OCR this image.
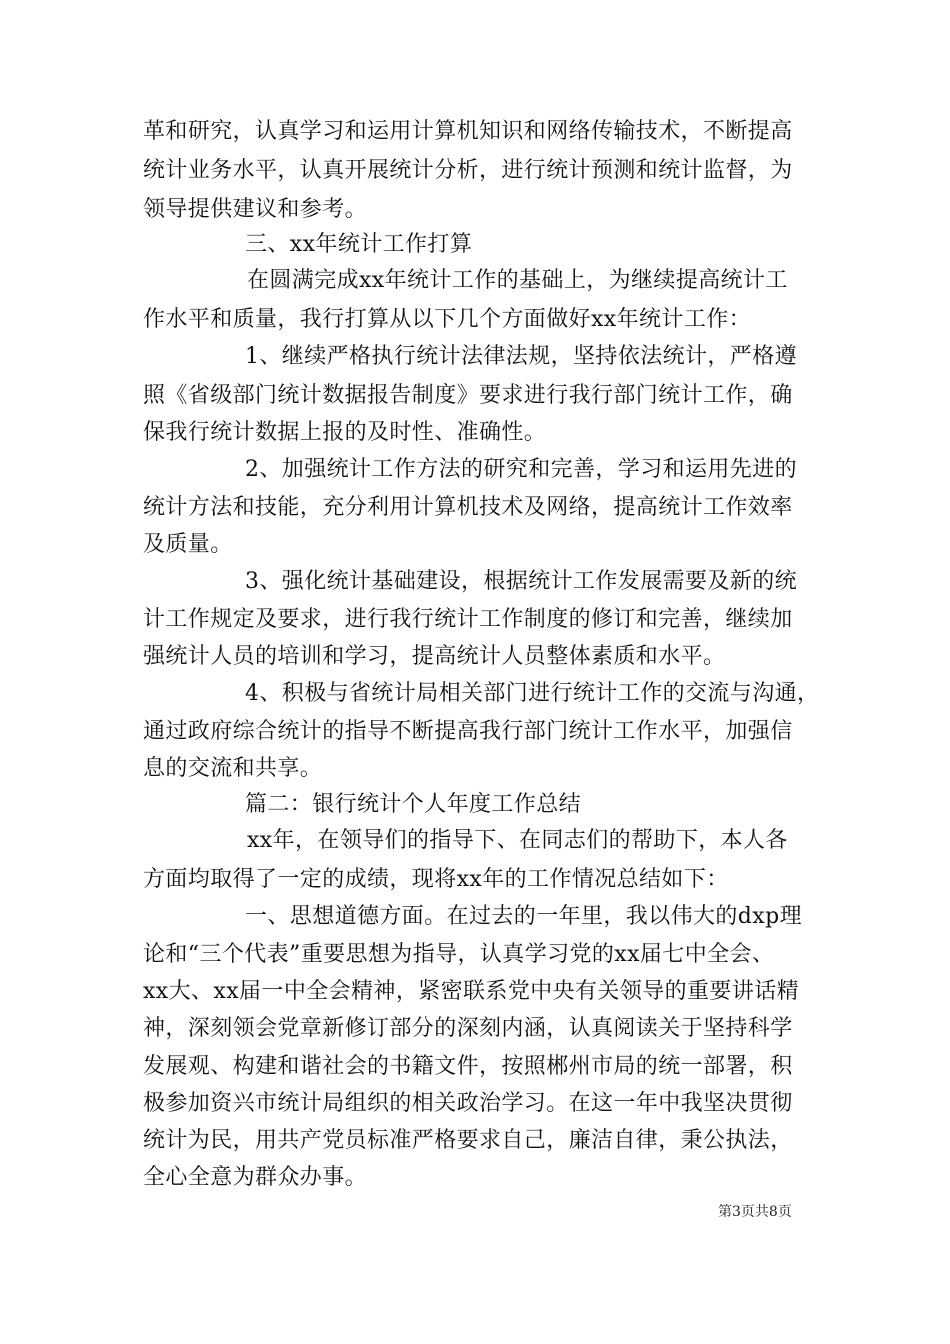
革和研究，认真学习和运用计算机知识和网络传输技术，不断提高
统计业务水平，认真开展统计分析，进行统计预测和统计监督，为
领导提供建议和参考。
三、xx年统计工作打算
在圆满完成xx年统计工作的基础上，为继续提高统计工
作水平和质量，我行打算从以下几个方面做好xx年统计工作：
1、继续严格执行统计法律法规，坚持依法统计，严格遵
照《省级部门统计数据报告制度》要求进行我行部门统计工作，确
保我行统计数据上报的及时性、准确性。
2、加强统计工作方法的研究和完善，学习和运用先进的
统计方法和技能，充分利用计算机技术及网络，提高统计工作效率
及质量。
3、强化统计基础建设，根据统计工作发展需要及新的统
计工作规定及要求，进行我行统计工作制度的修订和完善，继续加
强统计人员的培训和学习，提高统计人员整体素质和水平。
4、积极与省统计局相关部门进行统计工作的交流与沟通，
通过政府综合统计的指导不断提高我行部门统计工作水平，加强信
息的交流和共享。
篇二：银行统计个人年度工作总结
xx年，在领导们的指导下、在同志们的帮助下，本人各
方面均取得了一定的成绩，现将xx年的工作情况总结如下：
一、思想道德方面。在过去的一年里，我以伟大的dxp理
论和“三个代表”重要思想为指导，认真学习党的xx届七中全会、
xx大、xx届一中全会精神，紧密联系党中央有关领导的重要讲话精
神，深刻领会党章新修订部分的深刻内涵，认真阅读关于坚持科学
发展观、构建和谐社会的书籍文件，按照郴州市局的统一部署，积
极参加资兴市统计局组织的相关政治学习。在这一年中我坚决贯彻
统计为民，用共产党员标准严格要求自己，廉洁自律，秉公执法，
全心全意为群众办事。
第3页共8页
